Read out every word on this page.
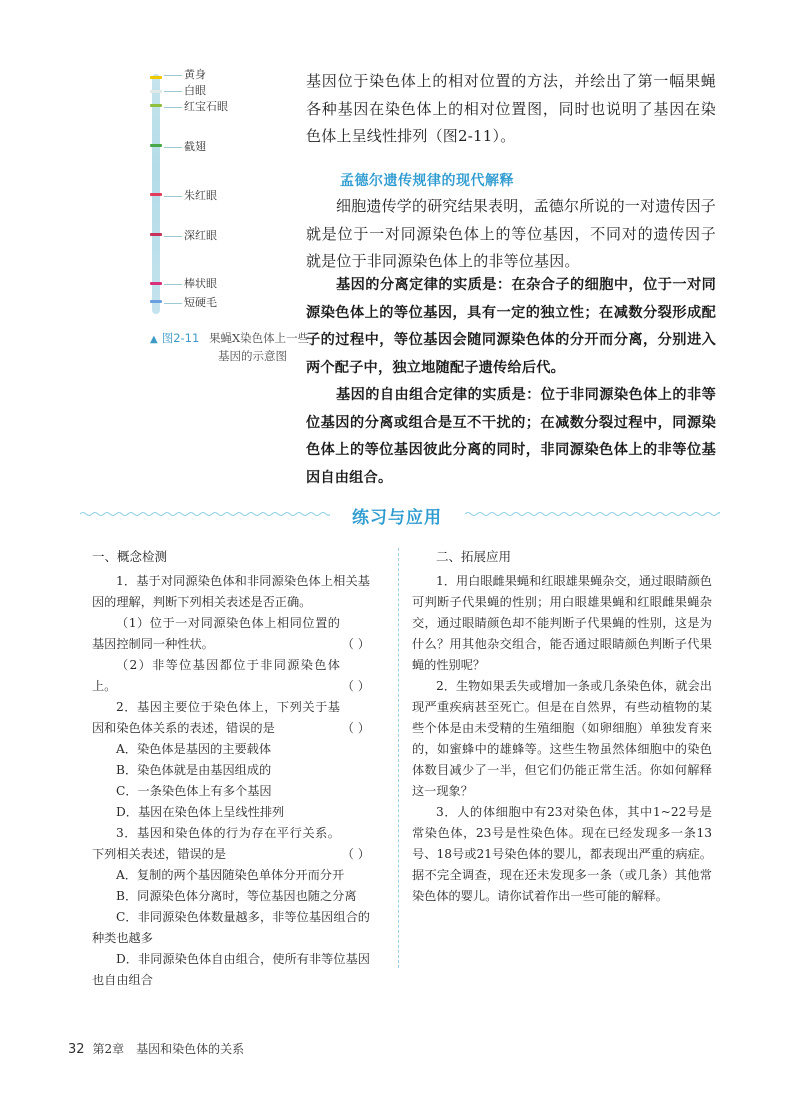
黄身
白眼
红宝石眼
截翅
朱红眼
深红眼
棒状眼
短硬毛
▲ 图2-11 果蝇X染色体上一些
基因的示意图
基因位于染色体上的相对位置的方法，并绘出了第一幅果蝇各种基因在染色体上的相对位置图，同时也说明了基因在染色体上呈线性排列（图2-11）。
孟德尔遗传规律的现代解释
细胞遗传学的研究结果表明，孟德尔所说的一对遗传因子就是位于一对同源染色体上的等位基因，不同对的遗传因子就是位于非同源染色体上的非等位基因。
基因的分离定律的实质是：在杂合子的细胞中，位于一对同源染色体上的等位基因，具有一定的独立性；在减数分裂形成配子的过程中，等位基因会随同源染色体的分开而分离，分别进入两个配子中，独立地随配子遗传给后代。
基因的自由组合定律的实质是：位于非同源染色体上的非等位基因的分离或组合是互不干扰的；在减数分裂过程中，同源染色体上的等位基因彼此分离的同时，非同源染色体上的非等位基因自由组合。
练习与应用
一、概念检测

1．基于对同源染色体和非同源染色体上相关基因的理解，判断下列相关表述是否正确。

（1）位于一对同源染色体上相同位置的基因控制同一种性状。	（ ）

（2）非等位基因都位于非同源染色体上。	（ ）

2．基因主要位于染色体上，下列关于基因和染色体关系的表述，错误的是	（ ）

A．染色体是基因的主要载体

B．染色体就是由基因组成的

C．一条染色体上有多个基因

D．基因在染色体上呈线性排列

3．基因和染色体的行为存在平行关系。下列相关表述，错误的是	（ ）

A．复制的两个基因随染色单体分开而分开

B．同源染色体分离时，等位基因也随之分离

C．非同源染色体数量越多，非等位基因组合的种类也越多

D．非同源染色体自由组合，使所有非等位基因也自由组合

二、拓展应用

1．用白眼雌果蝇和红眼雄果蝇杂交，通过眼睛颜色可判断子代果蝇的性别；用白眼雄果蝇和红眼雌果蝇杂交，通过眼睛颜色却不能判断子代果蝇的性别，这是为什么？用其他杂交组合，能否通过眼睛颜色判断子代果蝇的性别呢？

2．生物如果丢失或增加一条或几条染色体，就会出现严重疾病甚至死亡。但是在自然界，有些动植物的某些个体是由未受精的生殖细胞（如卵细胞）单独发育来的，如蜜蜂中的雄蜂等。这些生物虽然体细胞中的染色体数目减少了一半，但它们仍能正常生活。你如何解释这一现象？

3．人的体细胞中有23对染色体，其中1~22号是常染色体，23号是性染色体。现在已经发现多一条13号、18号或21号染色体的婴儿，都表现出严重的病症。据不完全调查，现在还未发现多一条（或几条）其他常染色体的婴儿。请你试着作出一些可能的解释。

32 第2章　基因和染色体的关系
